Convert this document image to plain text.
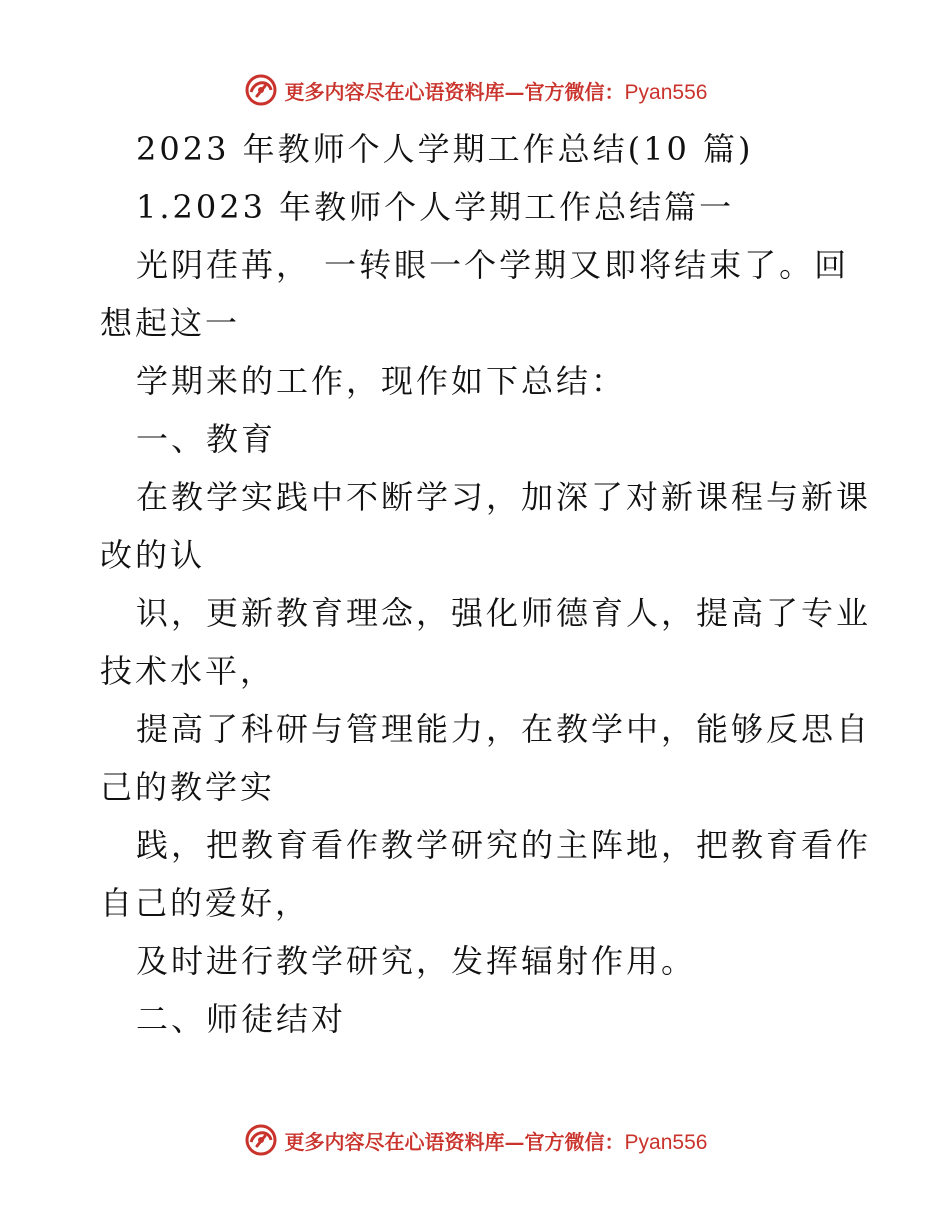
更多内容尽在心语资料库—官方微信：Pyan556
2023 年教师个人学期工作总结(10 篇)
1.2023 年教师个人学期工作总结篇一
光阴荏苒， 一转眼一个学期又即将结束了。回
想起这一
学期来的工作，现作如下总结：
一、教育
在教学实践中不断学习，加深了对新课程与新课
改的认
识，更新教育理念，强化师德育人，提高了专业
技术水平，
提高了科研与管理能力，在教学中，能够反思自
己的教学实
践，把教育看作教学研究的主阵地，把教育看作
自己的爱好，
及时进行教学研究，发挥辐射作用。
二、师徒结对
更多内容尽在心语资料库—官方微信：Pyan556
